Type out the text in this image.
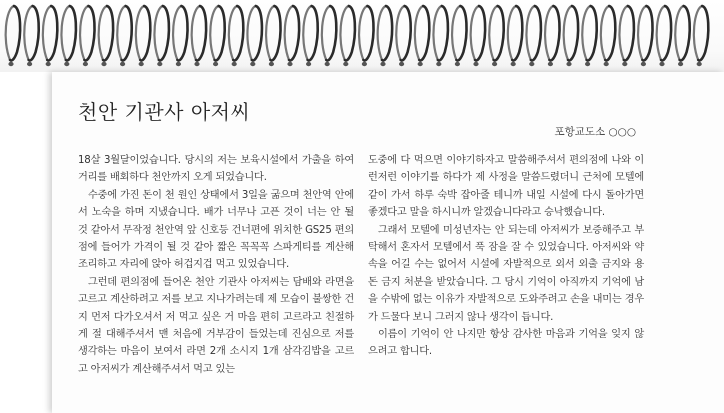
천안 기관사 아저씨
포항교도소 ○○○

18살 3월달이었습니다. 당시의 저는 보육시설에서 가출을 하여 거리를 배회하다 천안까지 오게 되었습니다.

수중에 가진 돈이 천 원인 상태에서 3일을 굶으며 천안역 안에서 노숙을 하며 지냈습니다. 배가 너무나 고픈 것이 너는 안 될 것 같아서 무작정 천안역 앞 신호등 건너편에 위치한 GS25 편의점에 들어가 가격이 될 것 같아 짧은 꼭꼭꼭 스파게티를 계산해 조리하고 자리에 앉아 허겁지겁 먹고 있었습니다.

그런데 편의점에 들어온 천안 기관사 아저씨는 담배와 라면을 고르고 계산하려고 저를 보고 지나가려는데 제 모습이 불쌍한 건지 먼저 다가오셔서 저 먹고 싶은 거 마음 편히 고르라고 친절하게 절 대해주셔서 맨 처음에 거부감이 들었는데 진심으로 저를 생각하는 마음이 보여서 라면 2개 소시지 1개 삼각김밥을 고르고 아저씨가 계산해주셔서 먹고 있는

도중에 다 먹으면 이야기하자고 말씀해주셔서 편의점에 나와 이런저런 이야기를 하다가 제 사정을 말씀드렸더니 근처에 모텔에 같이 가서 하루 숙박 잡아줄 테니까 내일 시설에 다시 돌아가면 좋겠다고 말을 하시니까 알겠습니다라고 승낙했습니다.

그래서 모텔에 미성년자는 안 되는데 아저씨가 보증해주고 부탁해서 혼자서 모텔에서 푹 잠을 잘 수 있었습니다. 아저씨와 약속을 어길 수는 없어서 시설에 자발적으로 외서 외출 금지와 용돈 금지 처분을 받았습니다. 그 당시 기억이 아직까지 기억에 남을 수밖에 없는 이유가 자발적으로 도와주려고 손을 내미는 경우가 드물다 보니 그러지 않나 생각이 듭니다.

이름이 기억이 안 나지만 항상 감사한 마음과 기억을 잊지 않으려고 합니다.
